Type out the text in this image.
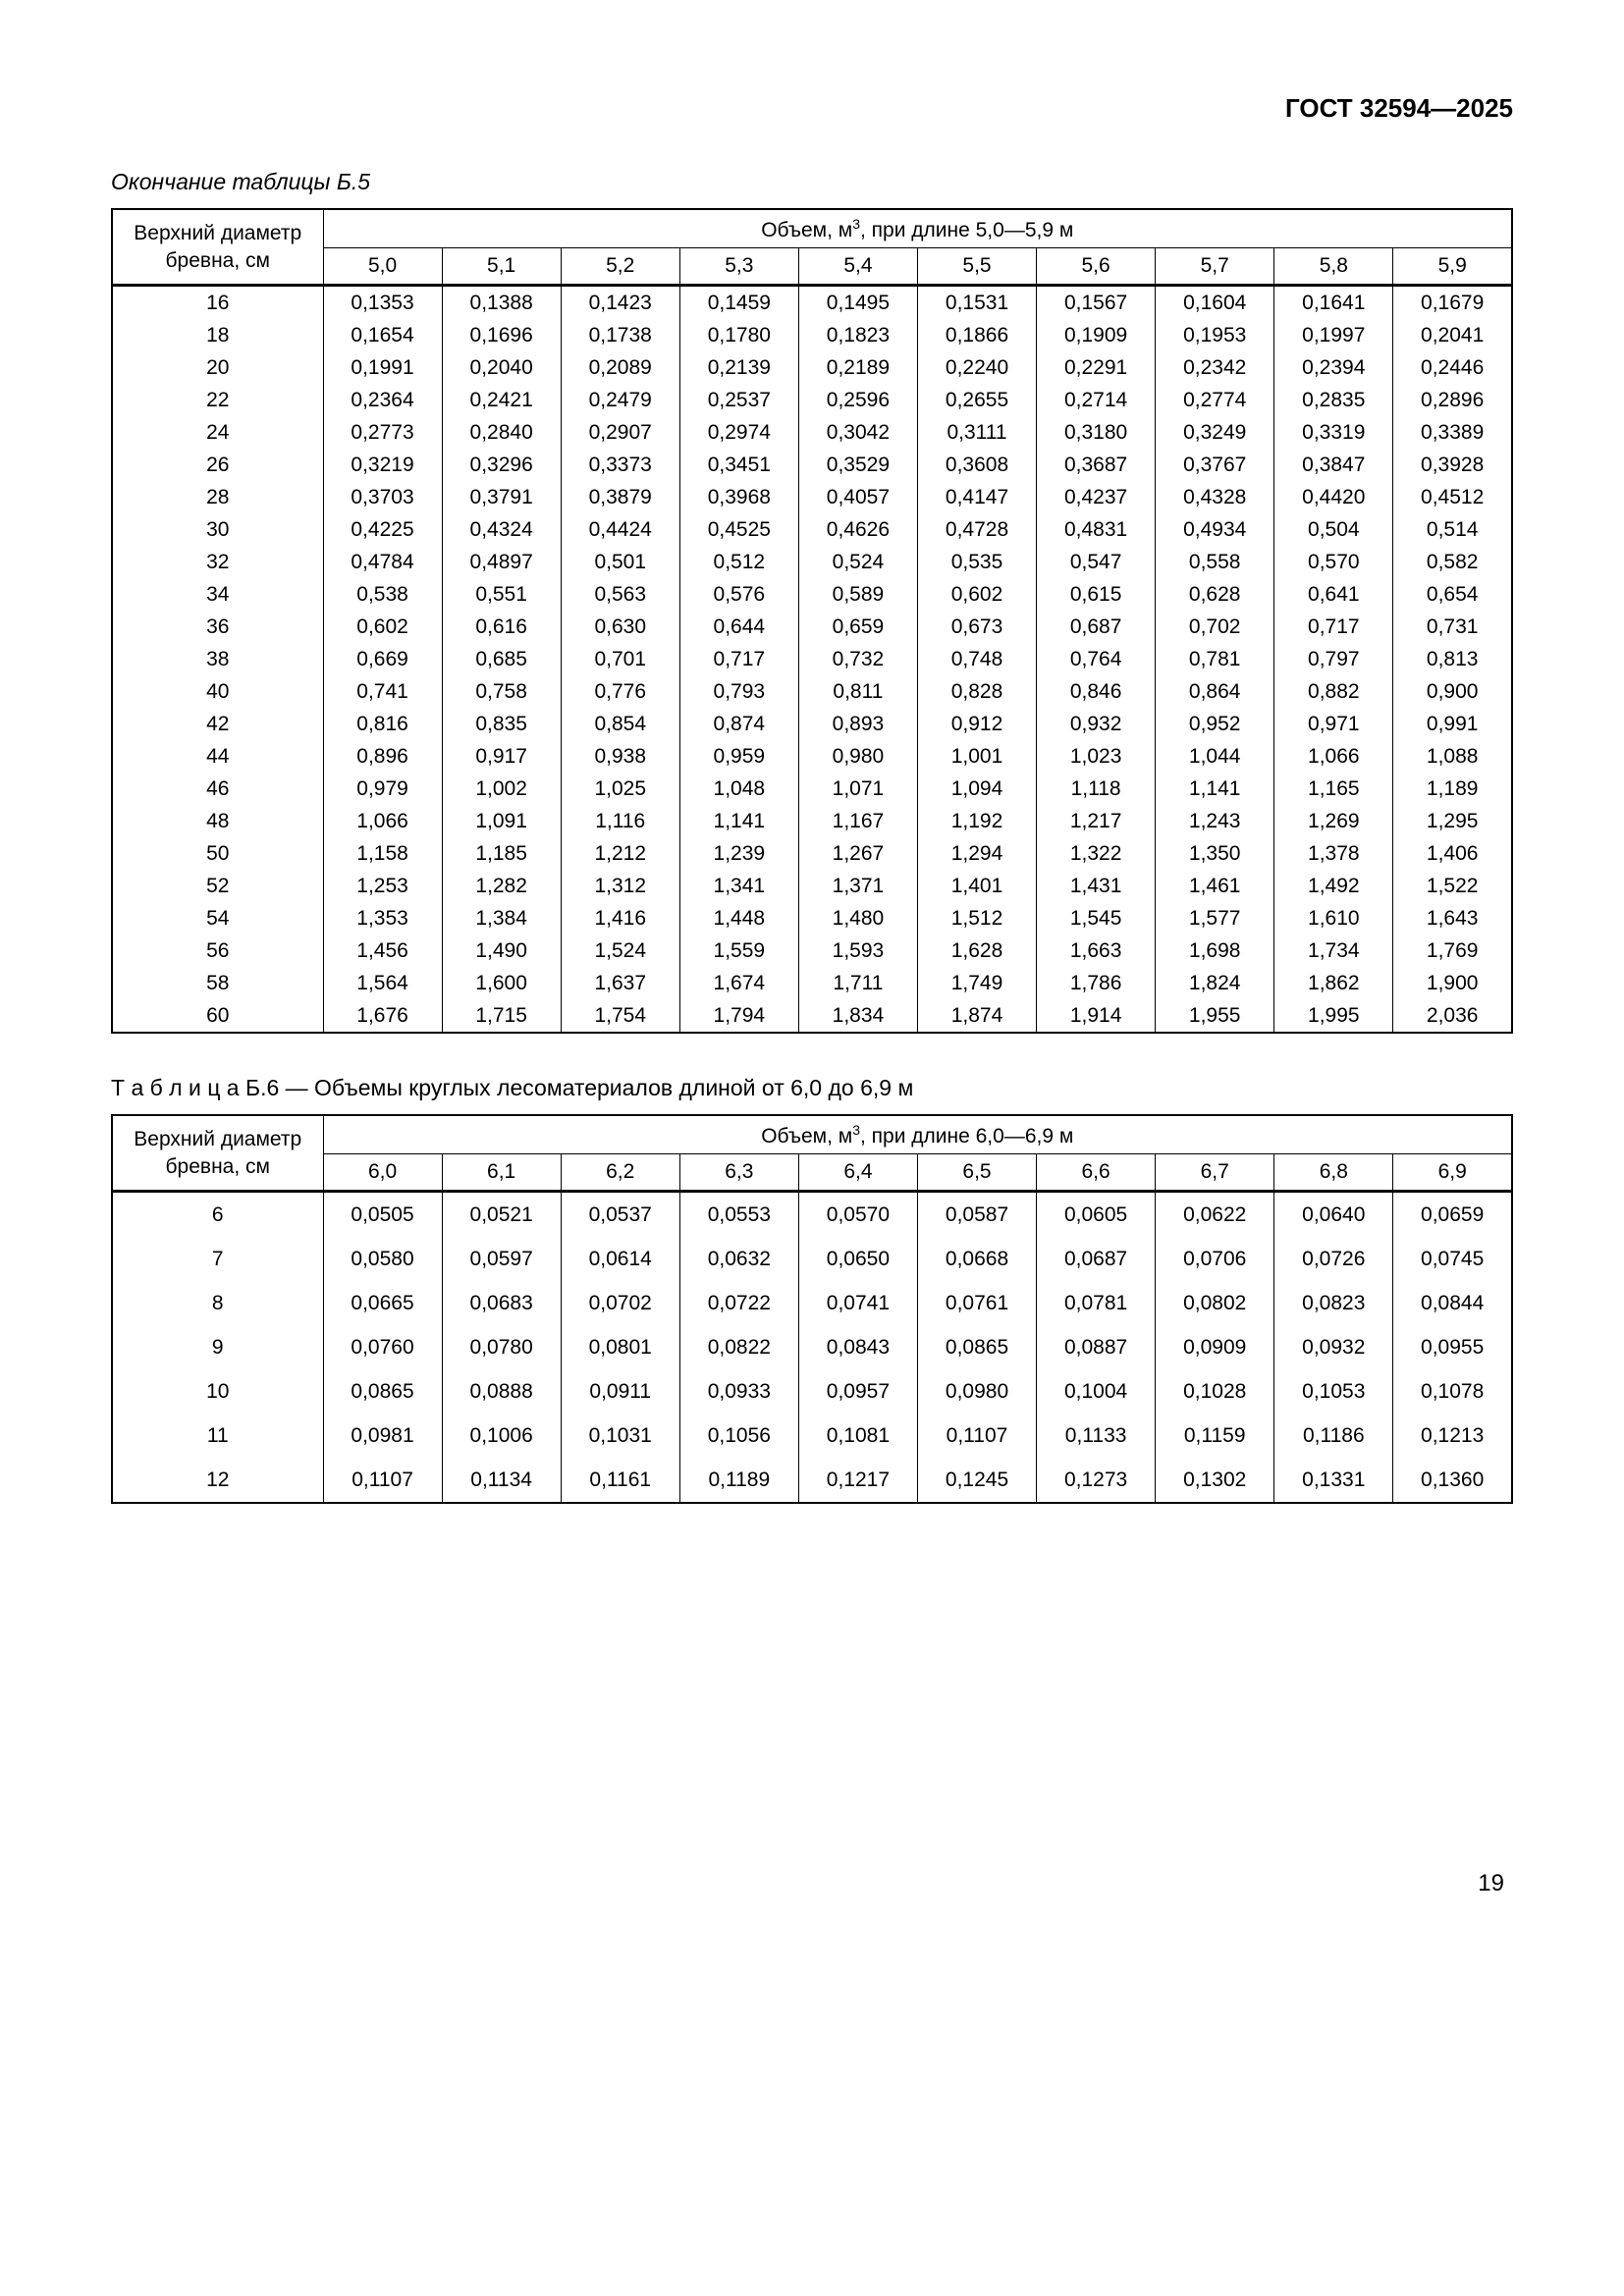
ГОСТ 32594—2025
Окончание таблицы Б.5
Верхний диаметр бревна, см	Объем, $м^3$, при длине 5,0—5,9 м									
	5,0	5,1	5,2	5,3	5,4	5,5	5,6	5,7	5,8	5,9
16	0,1353	0,1388	0,1423	0,1459	0,1495	0,1531	0,1567	0,1604	0,1641	0,1679
18	0,1654	0,1696	0,1738	0,1780	0,1823	0,1866	0,1909	0,1953	0,1997	0,2041
20	0,1991	0,2040	0,2089	0,2139	0,2189	0,2240	0,2291	0,2342	0,2394	0,2446
22	0,2364	0,2421	0,2479	0,2537	0,2596	0,2655	0,2714	0,2774	0,2835	0,2896
24	0,2773	0,2840	0,2907	0,2974	0,3042	0,3111	0,3180	0,3249	0,3319	0,3389
26	0,3219	0,3296	0,3373	0,3451	0,3529	0,3608	0,3687	0,3767	0,3847	0,3928
28	0,3703	0,3791	0,3879	0,3968	0,4057	0,4147	0,4237	0,4328	0,4420	0,4512
30	0,4225	0,4324	0,4424	0,4525	0,4626	0,4728	0,4831	0,4934	0,504	0,514
32	0,4784	0,4897	0,501	0,512	0,524	0,535	0,547	0,558	0,570	0,582
34	0,538	0,551	0,563	0,576	0,589	0,602	0,615	0,628	0,641	0,654
36	0,602	0,616	0,630	0,644	0,659	0,673	0,687	0,702	0,717	0,731
38	0,669	0,685	0,701	0,717	0,732	0,748	0,764	0,781	0,797	0,813
40	0,741	0,758	0,776	0,793	0,811	0,828	0,846	0,864	0,882	0,900
42	0,816	0,835	0,854	0,874	0,893	0,912	0,932	0,952	0,971	0,991
44	0,896	0,917	0,938	0,959	0,980	1,001	1,023	1,044	1,066	1,088
46	0,979	1,002	1,025	1,048	1,071	1,094	1,118	1,141	1,165	1,189
48	1,066	1,091	1,116	1,141	1,167	1,192	1,217	1,243	1,269	1,295
50	1,158	1,185	1,212	1,239	1,267	1,294	1,322	1,350	1,378	1,406
52	1,253	1,282	1,312	1,341	1,371	1,401	1,431	1,461	1,492	1,522
54	1,353	1,384	1,416	1,448	1,480	1,512	1,545	1,577	1,610	1,643
56	1,456	1,490	1,524	1,559	1,593	1,628	1,663	1,698	1,734	1,769
58	1,564	1,600	1,637	1,674	1,711	1,749	1,786	1,824	1,862	1,900
60	1,676	1,715	1,754	1,794	1,834	1,874	1,914	1,955	1,995	2,036
Т а б л и ц а Б.6 — Объемы круглых лесоматериалов длиной от 6,0 до 6,9 м
Верхний диаметр бревна, см	Объем, $м^3$, при длине 6,0—6,9 м									
	6,0	6,1	6,2	6,3	6,4	6,5	6,6	6,7	6,8	6,9
6	0,0505	0,0521	0,0537	0,0553	0,0570	0,0587	0,0605	0,0622	0,0640	0,0659
7	0,0580	0,0597	0,0614	0,0632	0,0650	0,0668	0,0687	0,0706	0,0726	0,0745
8	0,0665	0,0683	0,0702	0,0722	0,0741	0,0761	0,0781	0,0802	0,0823	0,0844
9	0,0760	0,0780	0,0801	0,0822	0,0843	0,0865	0,0887	0,0909	0,0932	0,0955
10	0,0865	0,0888	0,0911	0,0933	0,0957	0,0980	0,1004	0,1028	0,1053	0,1078
11	0,0981	0,1006	0,1031	0,1056	0,1081	0,1107	0,1133	0,1159	0,1186	0,1213
12	0,1107	0,1134	0,1161	0,1189	0,1217	0,1245	0,1273	0,1302	0,1331	0,1360
19
